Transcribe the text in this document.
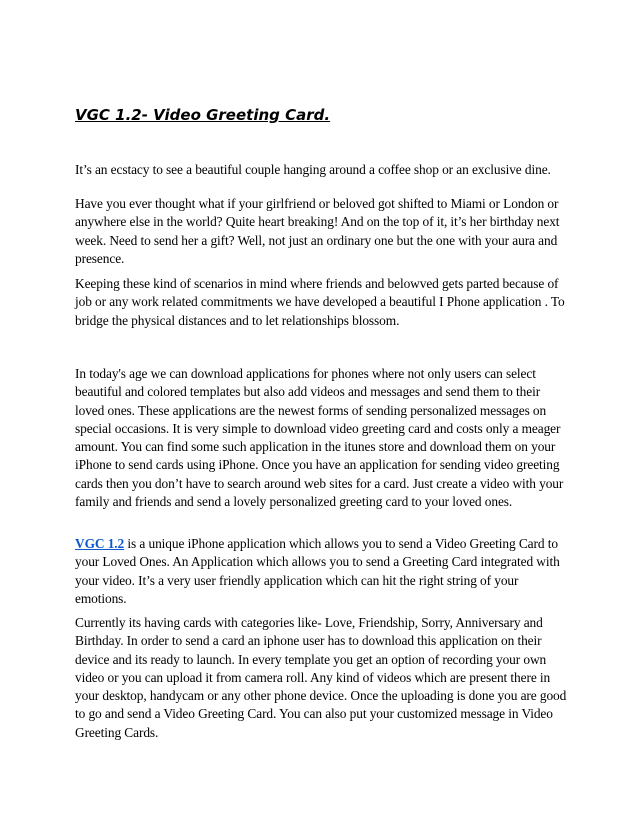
VGC 1.2- Video Greeting Card.

It’s an ecstacy to see a beautiful couple hanging around a coffee shop or an exclusive dine.

Have you ever thought what if your girlfriend or beloved got shifted to Miami or London or anywhere else in the world? Quite heart breaking! And on the top of it, it’s her birthday next week. Need to send her a gift? Well, not just an ordinary one but the one with your aura and presence.

Keeping these kind of scenarios in mind where friends and belowved gets parted because of job or any work related commitments we have developed a beautiful I Phone application . To bridge the physical distances and to let relationships blossom.

In today's age we can download applications for phones where not only users can select beautiful and colored templates but also add videos and messages and send them to their loved ones. These applications are the newest forms of sending personalized messages on special occasions. It is very simple to download video greeting card and costs only a meager amount. You can find some such application in the itunes store and download them on your iPhone to send cards using iPhone. Once you have an application for sending video greeting cards then you don’t have to search around web sites for a card. Just create a video with your family and friends and send a lovely personalized greeting card to your loved ones.

VGC 1.2 is a unique iPhone application which allows you to send a Video Greeting Card to your Loved Ones. An Application which allows you to send a Greeting Card integrated with your video. It’s a very user friendly application which can hit the right string of your emotions.

Currently its having cards with categories like- Love, Friendship, Sorry, Anniversary and Birthday. In order to send a card an iphone user has to download this application on their device and its ready to launch. In every template you get an option of recording your own video or you can upload it from camera roll. Any kind of videos which are present there in your desktop, handycam or any other phone device. Once the uploading is done you are good to go and send a Video Greeting Card. You can also put your customized message in Video Greeting Cards.
